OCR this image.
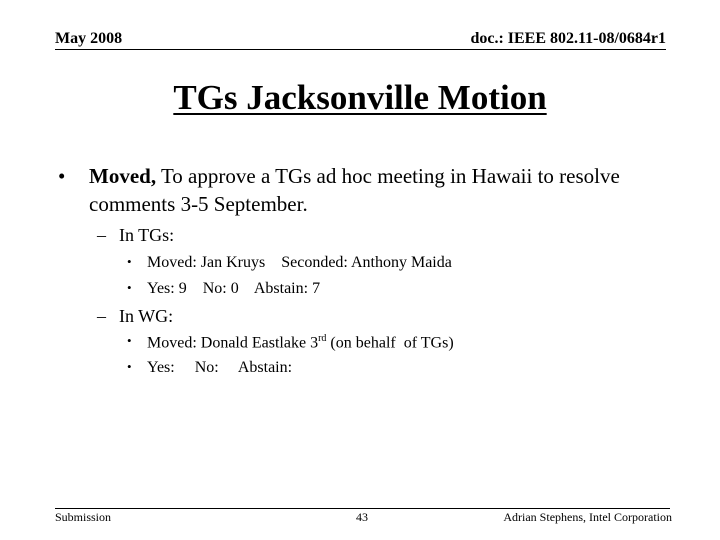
May 2008	doc.: IEEE 802.11-08/0684r1
TGs Jacksonville Motion
• Moved, To approve a TGs ad hoc meeting in Hawaii to resolve comments 3-5 September.
– In TGs:
• Moved: Jan Kruys    Seconded: Anthony Maida
• Yes: 9    No: 0    Abstain: 7
– In WG:
• Moved: Donald Eastlake 3rd (on behalf  of TGs)
• Yes:     No:     Abstain:
Submission	43	Adrian Stephens, Intel Corporation
